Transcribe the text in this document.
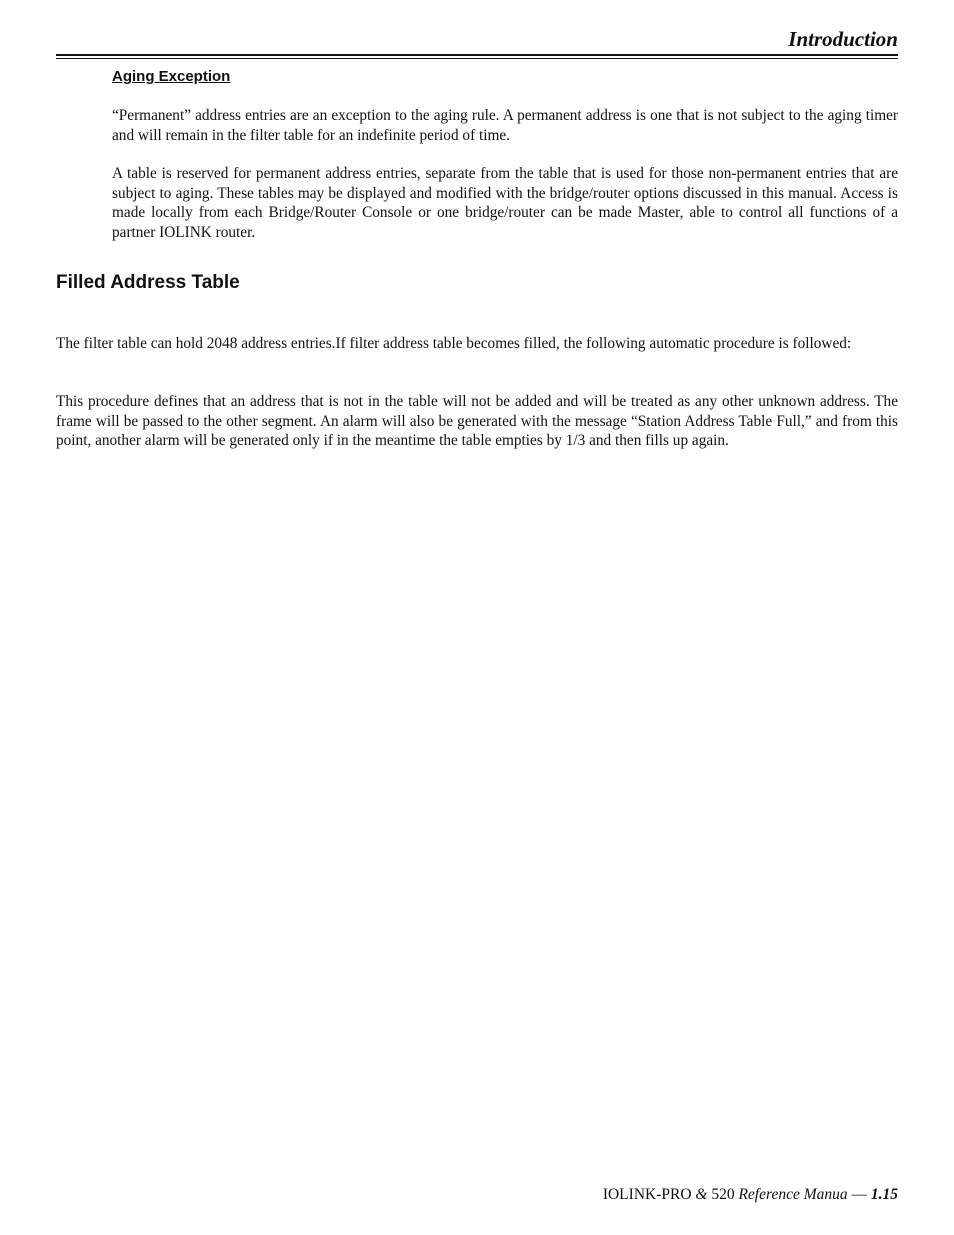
Introduction
Aging Exception

“Permanent” address entries are an exception to the aging rule. A permanent address is one that is not subject to the aging timer and will remain in the filter table for an indefinite period of time.

A table is reserved for permanent address entries, separate from the table that is used for those non-permanent entries that are subject to aging. These tables may be displayed and modified with the bridge/router options discussed in this manual. Access is made locally from each Bridge/Router Console or one bridge/router can be made Master, able to control all functions of a partner IOLINK router.

Filled Address Table

The filter table can hold 2048 address entries.If filter address table becomes filled, the following automatic procedure is followed:

This procedure defines that an address that is not in the table will not be added and will be treated as any other unknown address. The frame will be passed to the other segment. An alarm will also be generated with the message “Station Address Table Full,” and from this point, another alarm will be generated only if in the meantime the table empties by 1/3 and then fills up again.

IOLINK-PRO & 520 Reference Manua — 1.15
